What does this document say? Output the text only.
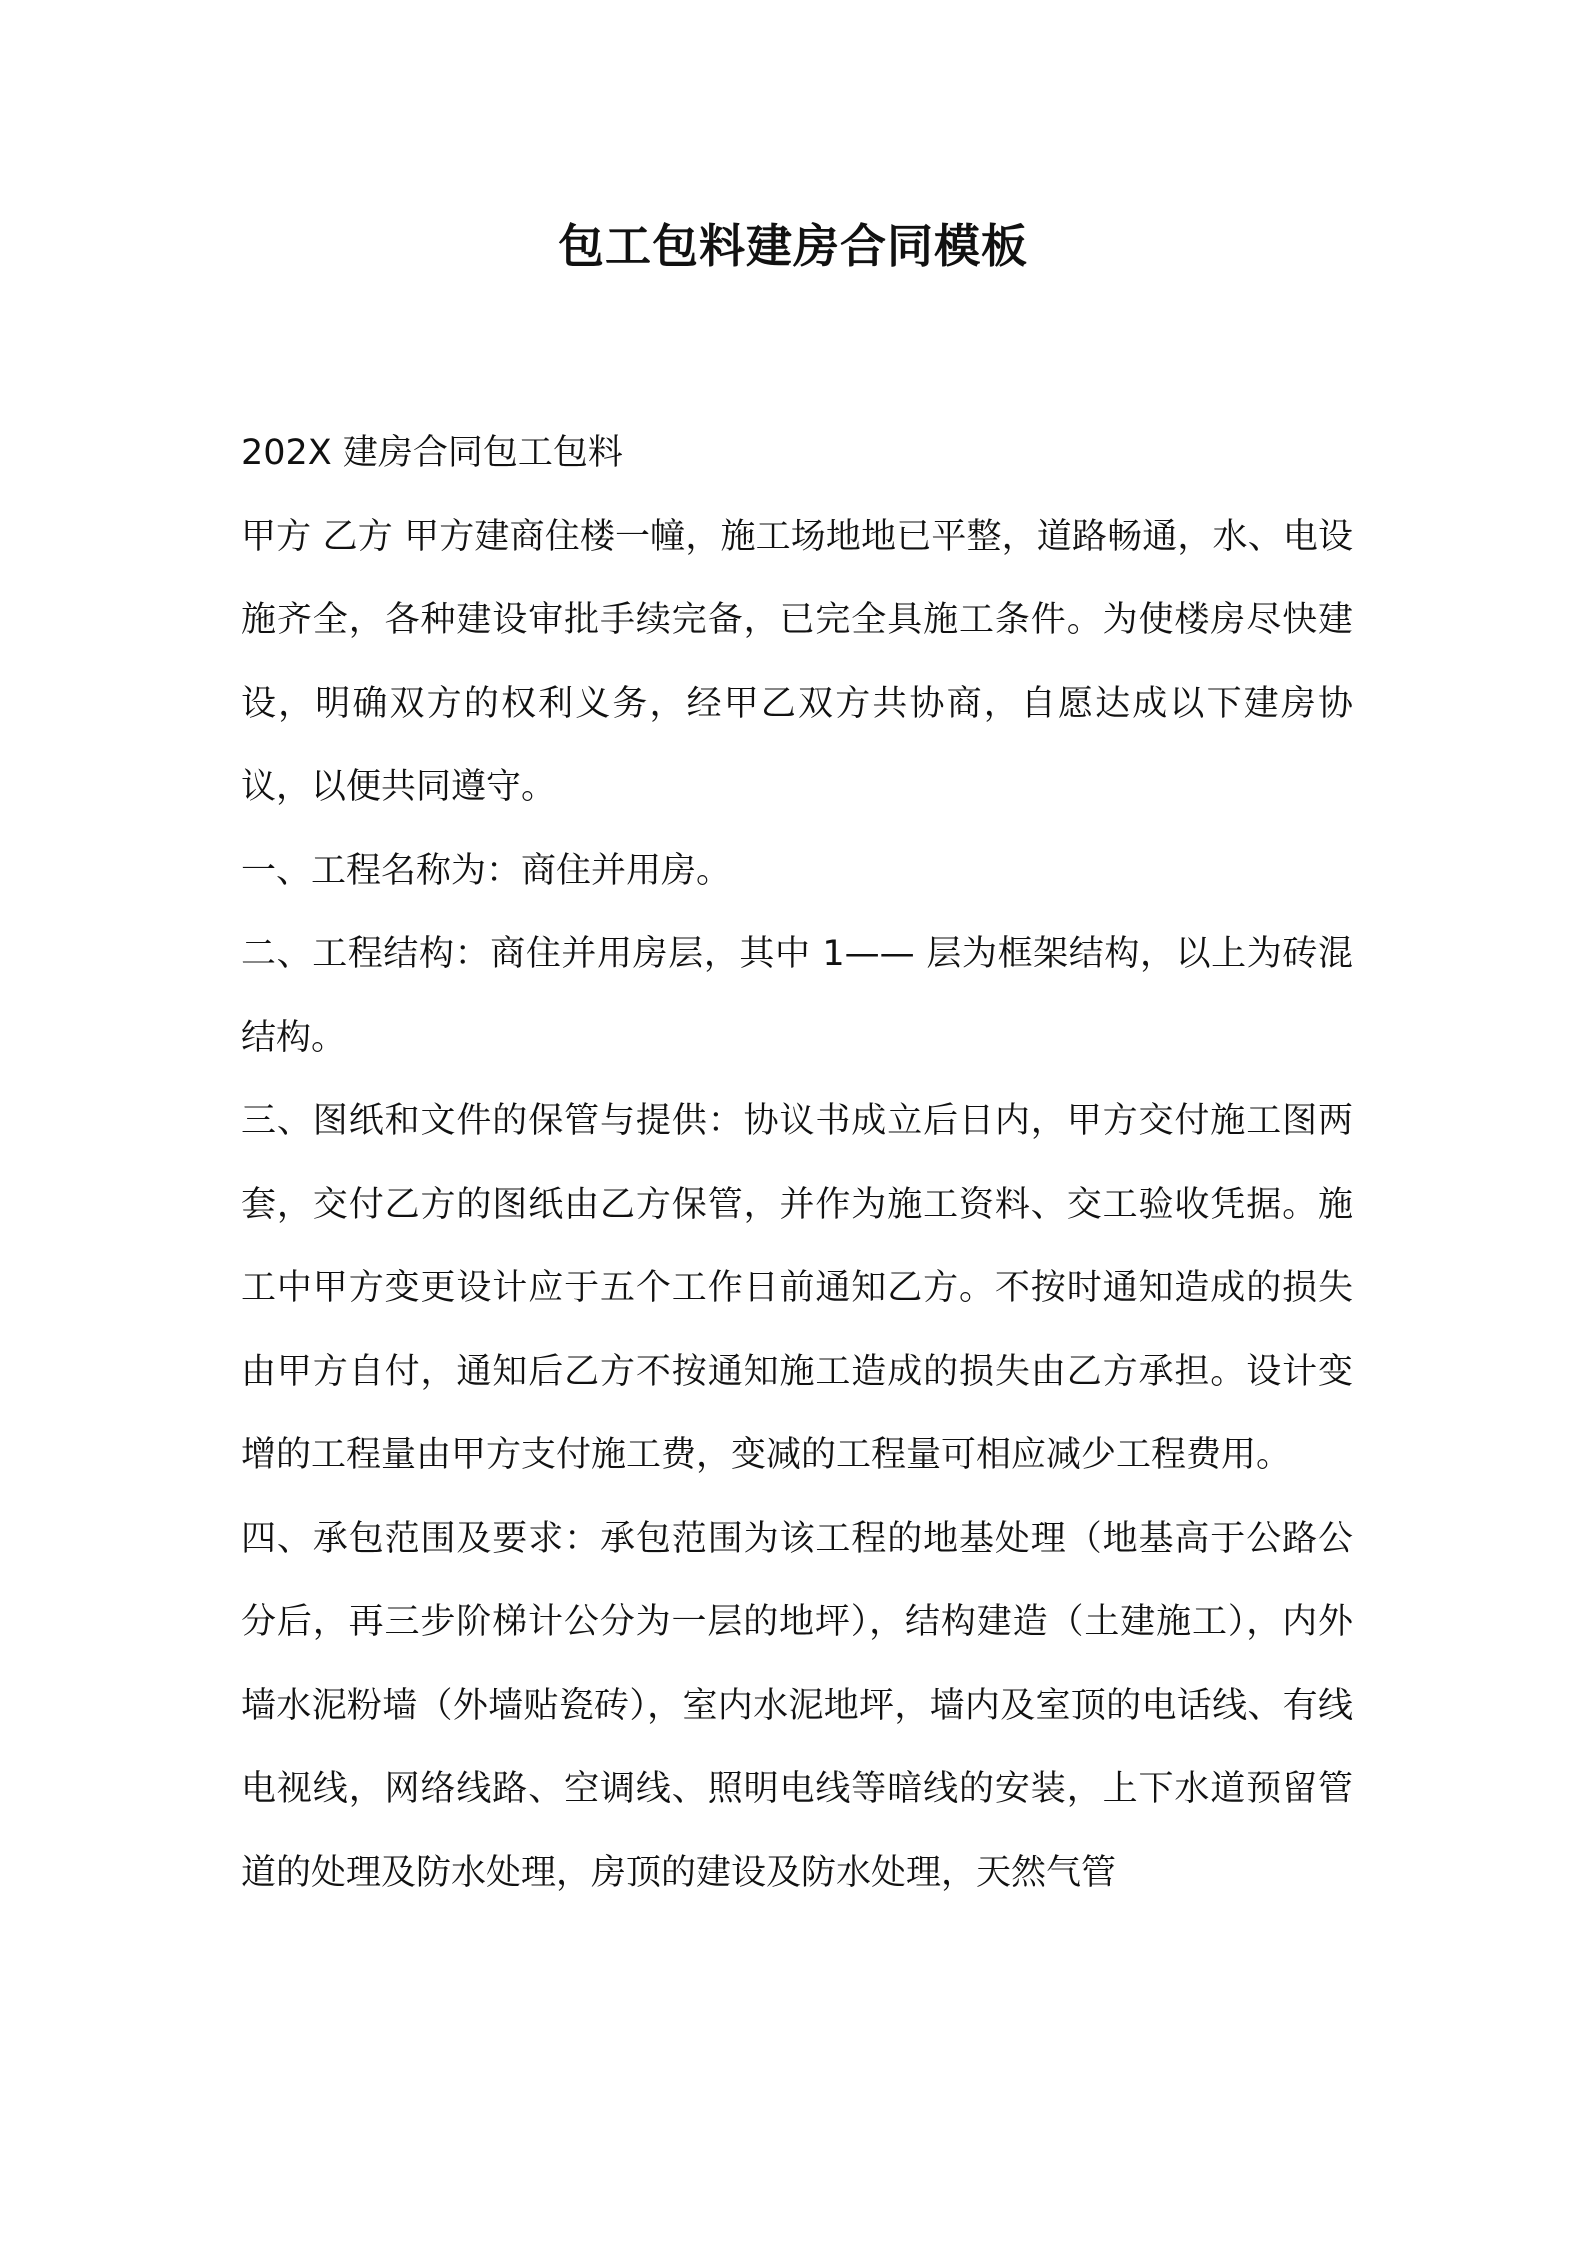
包工包料建房合同模板

202X 建房合同包工包料

甲方 乙方 甲方建商住楼一幢，施工场地地已平整，道路畅通，水、电设施齐全，各种建设审批手续完备，已完全具施工条件。为使楼房尽快建设，明确双方的权利义务，经甲乙双方共协商，自愿达成以下建房协议，以便共同遵守。

一、工程名称为：商住并用房。

二、工程结构：商住并用房层，其中 1—— 层为框架结构，以上为砖混结构。

三、图纸和文件的保管与提供：协议书成立后日内，甲方交付施工图两套，交付乙方的图纸由乙方保管，并作为施工资料、交工验收凭据。施工中甲方变更设计应于五个工作日前通知乙方。不按时通知造成的损失由甲方自付，通知后乙方不按通知施工造成的损失由乙方承担。设计变增的工程量由甲方支付施工费，变减的工程量可相应减少工程费用。

四、承包范围及要求：承包范围为该工程的地基处理（地基高于公路公分后，再三步阶梯计公分为一层的地坪），结构建造（土建施工），内外墙水泥粉墙（外墙贴瓷砖），室内水泥地坪，墙内及室顶的电话线、有线电视线，网络线路、空调线、照明电线等暗线的安装，上下水道预留管道的处理及防水处理，房顶的建设及防水处理，天然气管
